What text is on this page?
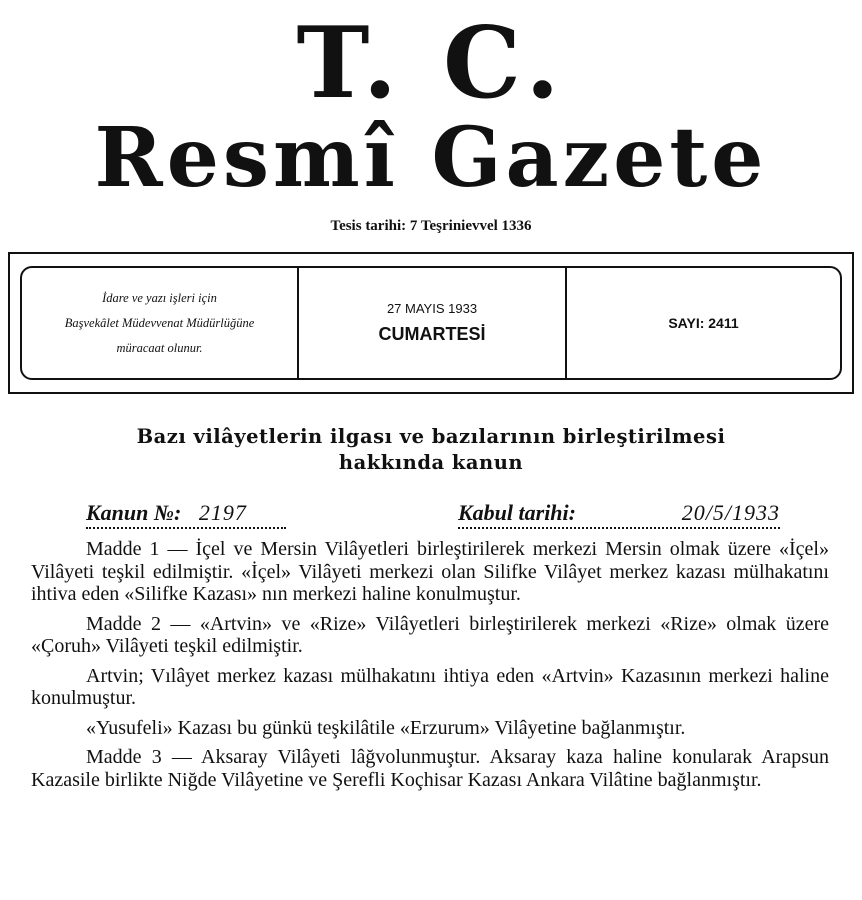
T. C.
Resmî Gazete
Tesis tarihi: 7 Teşrinievvel 1336
İdare ve yazı işleri için
Başvekâlet Müdevvenat Müdürlüğüne
müracaat olunur.
27 MAYIS 1933
CUMARTESİ
SAYI: 2411
Bazı vilâyetlerin ilgası ve bazılarının birleştirilmesi
hakkında kanun
Kanun №: 2197	Kabul tarihi:	20/5/1933

Madde 1 — İçel ve Mersin Vilâyetleri birleştirilerek merkezi Mersin olmak üzere «İçel» Vilâyeti teşkil edilmiştir. «İçel» Vilâyeti merkezi olan Silifke Vilâyet merkez kazası mülhakatını ihtiva eden «Silifke Kazası» nın merkezi haline konulmuştur.

Madde 2 — «Artvin» ve «Rize» Vilâyetleri birleştirilerek merkezi «Rize» olmak üzere «Çoruh» Vilâyeti teşkil edilmiştir.

Artvin; Vılâyet merkez kazası mülhakatını ihtiya eden «Artvin» Kazasının merkezi haline konulmuştur.

«Yusufeli» Kazası bu günkü teşkilâtile «Erzurum» Vilâyetine bağlanmıştır.

Madde 3 — Aksaray Vilâyeti lâğvolunmuştur. Aksaray kaza haline konularak Arapsun Kazasile birlikte Niğde Vilâyetine ve Şerefli Koçhisar Kazası Ankara Vilâtine bağlanmıştır.
